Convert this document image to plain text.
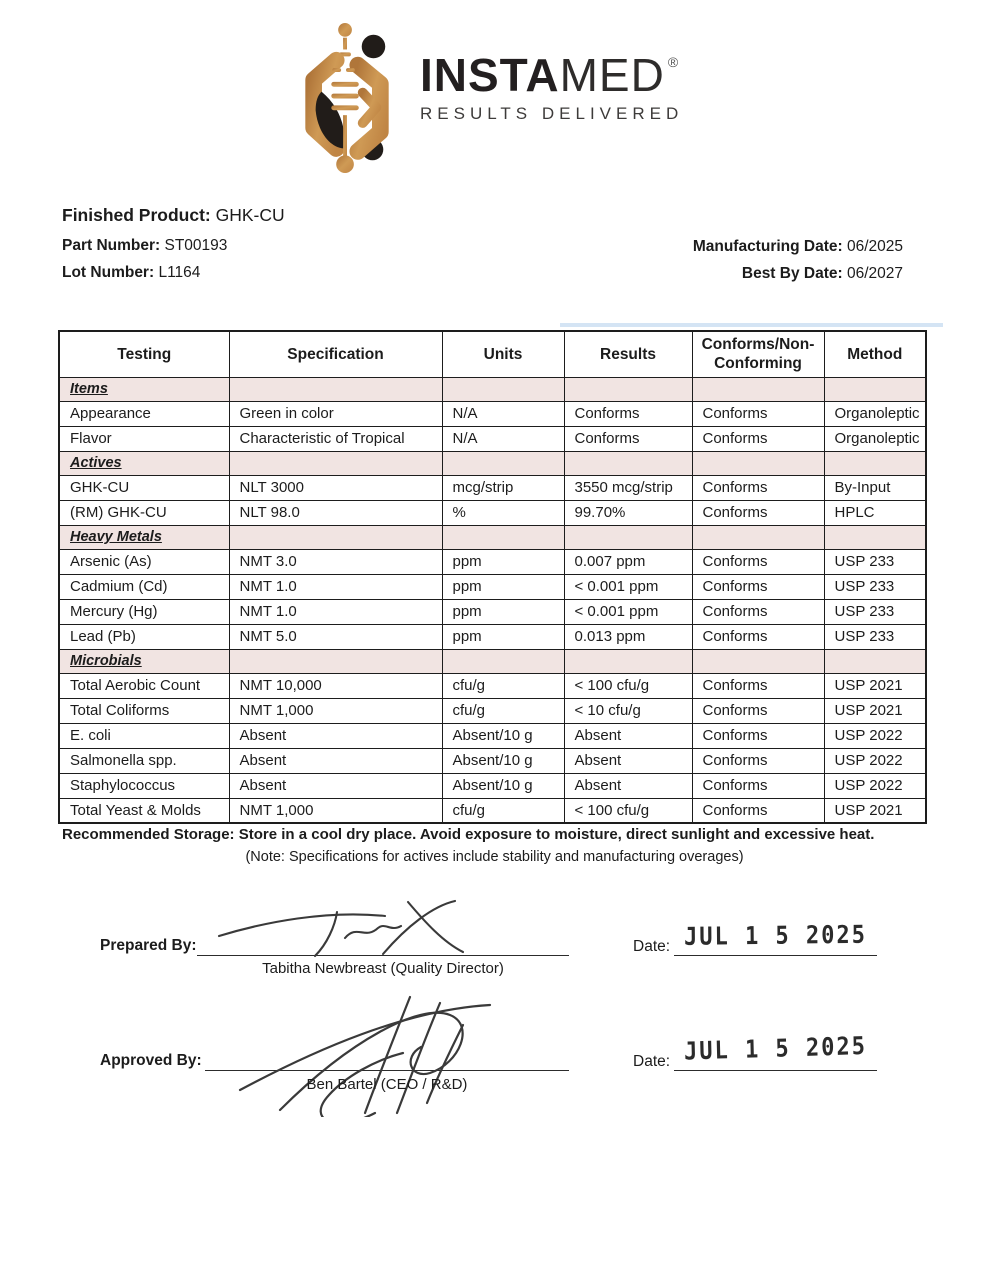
INSTAMED ®
RESULTS DELIVERED
Finished Product: GHK-CU
Part Number: ST00193
Lot Number: L1164
Manufacturing Date: 06/2025
Best By Date: 06/2027
Testing	Specification	Units	Results	Conforms/Non-Conforming	Method
Items					
Appearance	Green in color	N/A	Conforms	Conforms	Organoleptic
Flavor	Characteristic of Tropical	N/A	Conforms	Conforms	Organoleptic
Actives					
GHK-CU	NLT 3000	mcg/strip	3550 mcg/strip	Conforms	By-Input
(RM) GHK-CU	NLT 98.0	%	99.70%	Conforms	HPLC
Heavy Metals					
Arsenic (As)	NMT 3.0	ppm	0.007 ppm	Conforms	USP 233
Cadmium (Cd)	NMT 1.0	ppm	< 0.001 ppm	Conforms	USP 233
Mercury (Hg)	NMT 1.0	ppm	< 0.001 ppm	Conforms	USP 233
Lead (Pb)	NMT 5.0	ppm	0.013 ppm	Conforms	USP 233
Microbials					
Total Aerobic Count	NMT 10,000	cfu/g	< 100 cfu/g	Conforms	USP 2021
Total Coliforms	NMT 1,000	cfu/g	< 10 cfu/g	Conforms	USP 2021
E. coli	Absent	Absent/10 g	Absent	Conforms	USP 2022
Salmonella spp.	Absent	Absent/10 g	Absent	Conforms	USP 2022
Staphylococcus	Absent	Absent/10 g	Absent	Conforms	USP 2022
Total Yeast & Molds	NMT 1,000	cfu/g	< 100 cfu/g	Conforms	USP 2021
Recommended Storage: Store in a cool dry place. Avoid exposure to moisture, direct sunlight and excessive heat.
(Note: Specifications for actives include stability and manufacturing overages)
Prepared By:
Tabitha Newbreast (Quality Director)
Date: JUL 1 5 2025
Approved By:
Ben Bartel (CEO / R&D)
Date: JUL 1 5 2025
